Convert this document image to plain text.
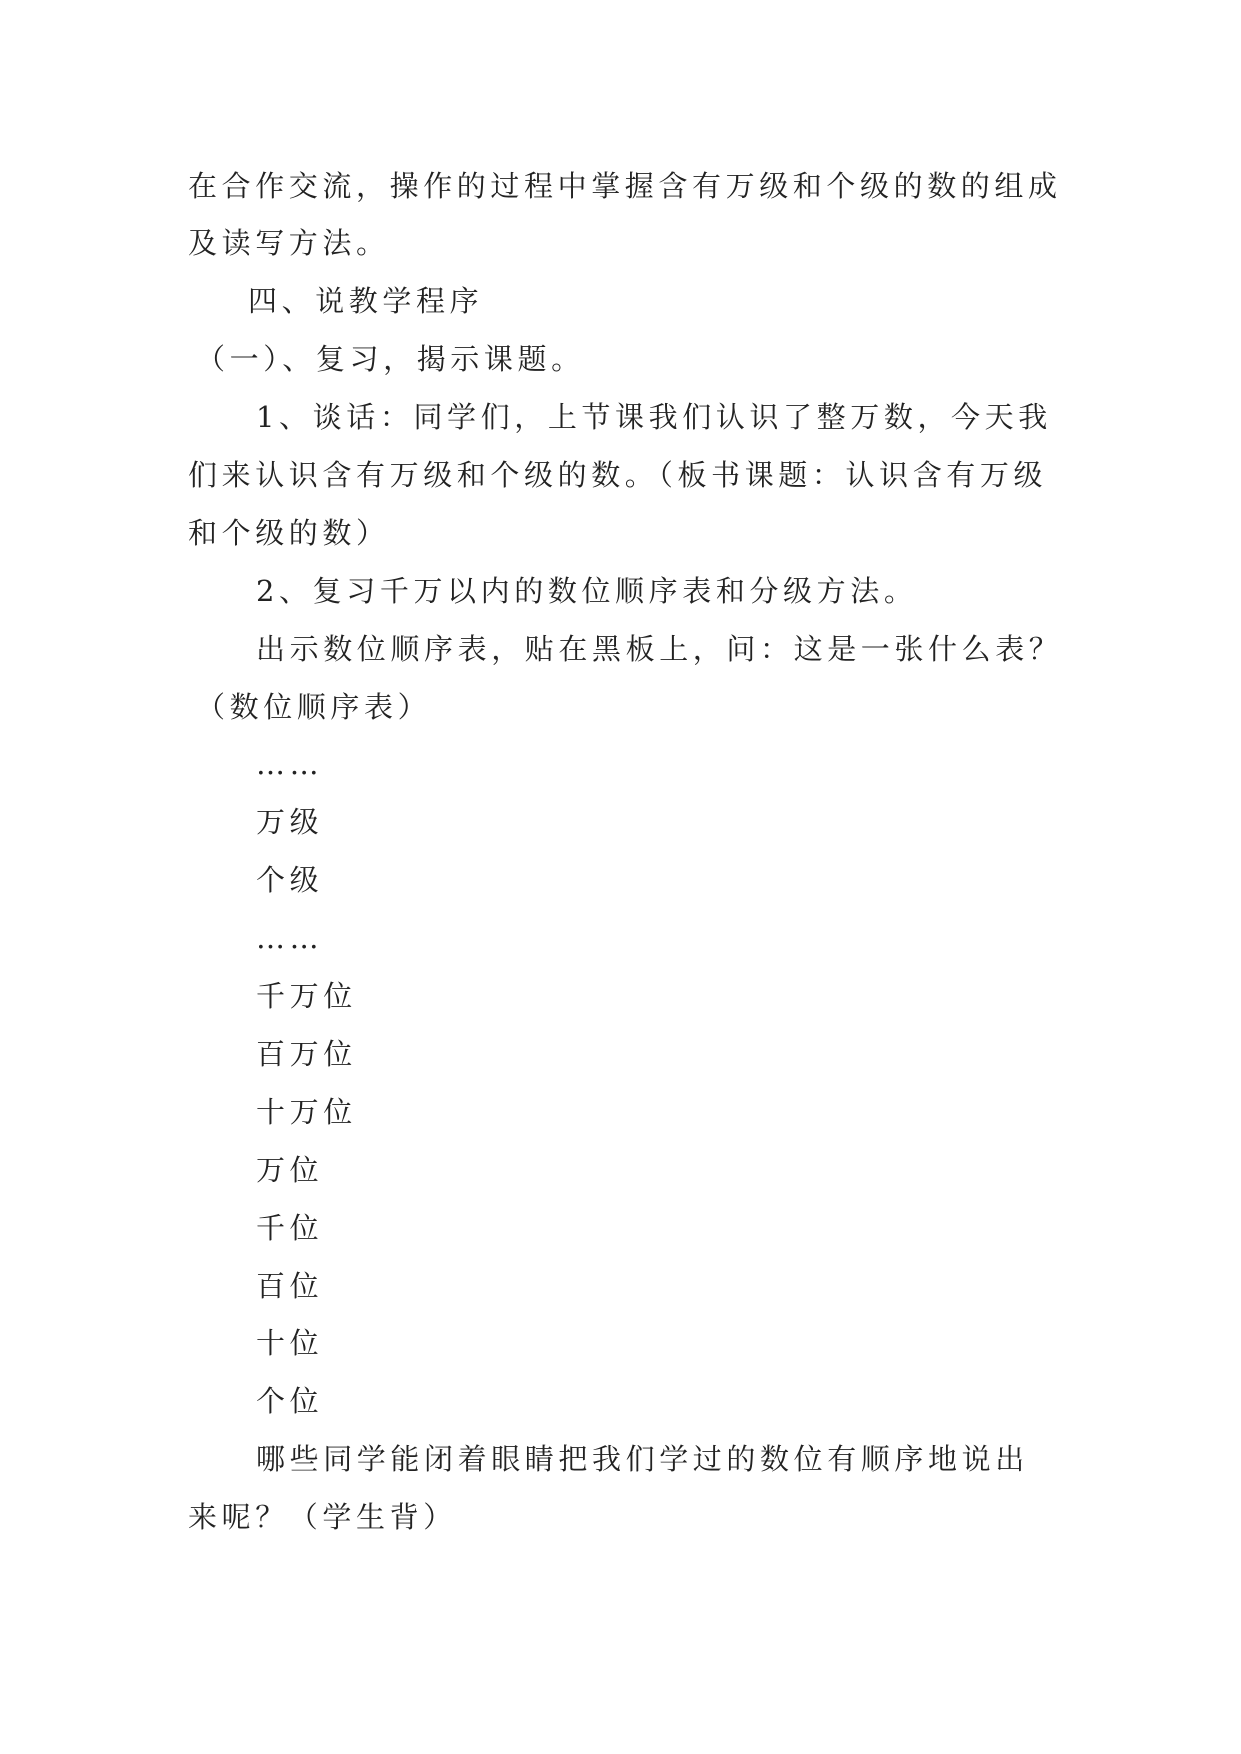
在合作交流，操作的过程中掌握含有万级和个级的数的组成

及读写方法。

四、说教学程序

（一）、复习，揭示课题。

1、谈话：同学们，上节课我们认识了整万数，今天我

们来认识含有万级和个级的数。（板书课题：认识含有万级

和个级的数）

2、复习千万以内的数位顺序表和分级方法。

出示数位顺序表，贴在黑板上，问：这是一张什么表？

（数位顺序表）

……

万级

个级

……

千万位

百万位

十万位

万位

千位

百位

十位

个位

哪些同学能闭着眼睛把我们学过的数位有顺序地说出

来呢？（学生背）
